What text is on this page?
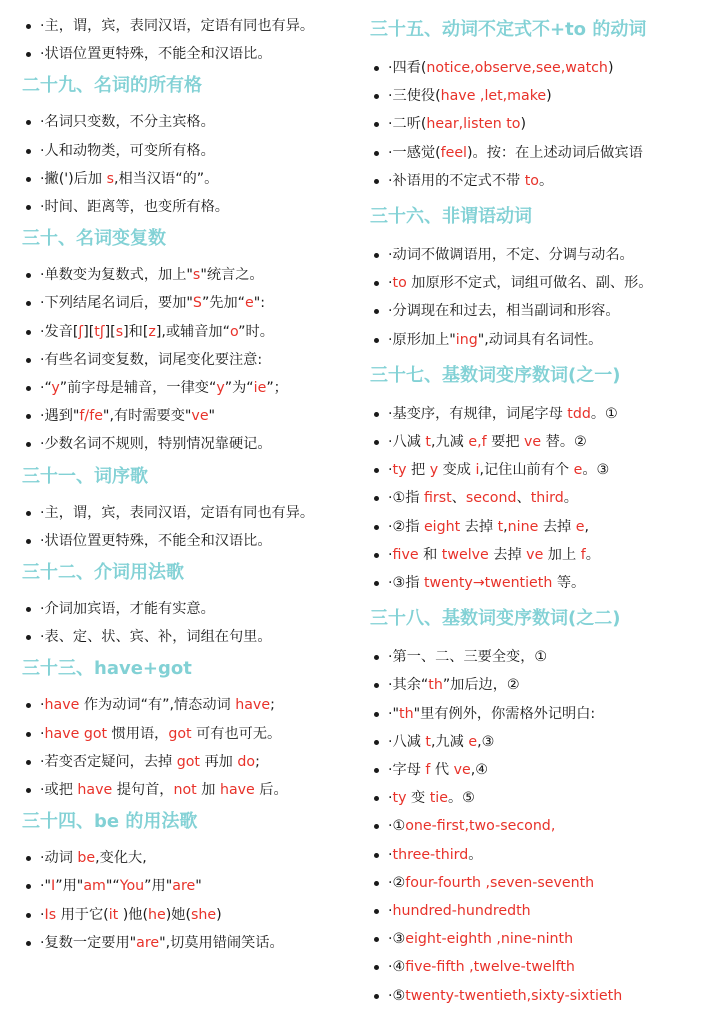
·主，谓，宾，表同汉语，定语有同也有异。
·状语位置更特殊，不能全和汉语比。
二十九、名词的所有格
·名词只变数，不分主宾格。
·人和动物类，可变所有格。
·撇(')后加 s,相当汉语“的”。
·时间、距离等，也变所有格。
三十、名词变复数
·单数变为复数式，加上"s"统言之。
·下列结尾名词后，要加"S”先加“e":
·发音[ʃ][tʃ][s]和[z],或辅音加“o”时。
·有些名词变复数，词尾变化要注意:
·“y”前字母是辅音，一律变“y”为“ie”；
·遇到"f/fe",有时需要变"ve"
·少数名词不规则，特别情况靠硬记。
三十一、词序歌
·主，谓，宾，表同汉语，定语有同也有异。
·状语位置更特殊，不能全和汉语比。
三十二、介词用法歌
·介词加宾语，才能有实意。
·表、定、状、宾、补，词组在句里。
三十三、have+got
·have 作为动词“有”,情态动词 have;
·have got 惯用语，got 可有也可无。
·若变否定疑问，去掉 got 再加 do;
·或把 have 提句首，not 加 have 后。
三十四、be 的用法歌
·动词 be,变化大,
·"I”用"am"“You”用"are"
·Is 用于它(it )他(he)她(she)
·复数一定要用"are",切莫用错闹笑话。
三十五、动词不定式不+to 的动词
·四看(notice,observe,see,watch)
·三使役(have ,let,make)
·二听(hear,listen to)
·一感觉(feel)。按：在上述动词后做宾语
·补语用的不定式不带 to。
三十六、非谓语动词
·动词不做调语用，不定、分调与动名。
·to 加原形不定式，词组可做名、副、形。
·分调现在和过去，相当副词和形容。
·原形加上"ing",动词具有名词性。
三十七、基数词变序数词(之一)
·基变序，有规律，词尾字母 tdd。①
·八减 t,九减 e,f 要把 ve 替。②
·ty 把 y 变成 i,记住山前有个 e。③
·①指 first、second、third。
·②指 eight 去掉 t,nine 去掉 e,
·five 和 twelve 去掉 ve 加上 f。
·③指 twenty→twentieth 等。
三十八、基数词变序数词(之二)
·第一、二、三要全变，①
·其余“th”加后边，②
·"th"里有例外，你需格外记明白:
·八减 t,九减 e,③
·字母 f 代 ve,④
·ty 变 tie。⑤
·①one-first,two-second,
·three-third。
·②four-fourth ,seven-seventh
·hundred-hundredth
·③eight-eighth ,nine-ninth
·④five-fifth ,twelve-twelfth
·⑤twenty-twentieth,sixty-sixtieth
